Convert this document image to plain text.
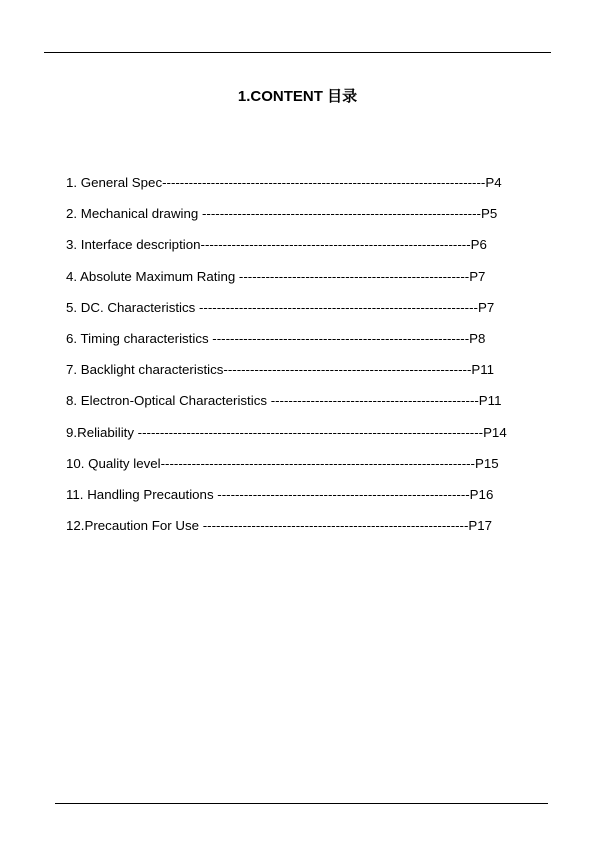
1.CONTENT 目录
1. General Spec-------------------------------------------------------------------------P4
2. Mechanical drawing ---------------------------------------------------------------P5
3. Interface description-------------------------------------------------------------P6
4. Absolute Maximum Rating ----------------------------------------------------P7
5. DC. Characteristics ---------------------------------------------------------------P7
6. Timing characteristics ----------------------------------------------------------P8
7. Backlight characteristics--------------------------------------------------------P11
8. Electron-Optical Characteristics -----------------------------------------------P11
9.Reliability ------------------------------------------------------------------------------P14
10. Quality level-----------------------------------------------------------------------P15
11. Handling Precautions ---------------------------------------------------------P16
12.Precaution For Use ------------------------------------------------------------P17
